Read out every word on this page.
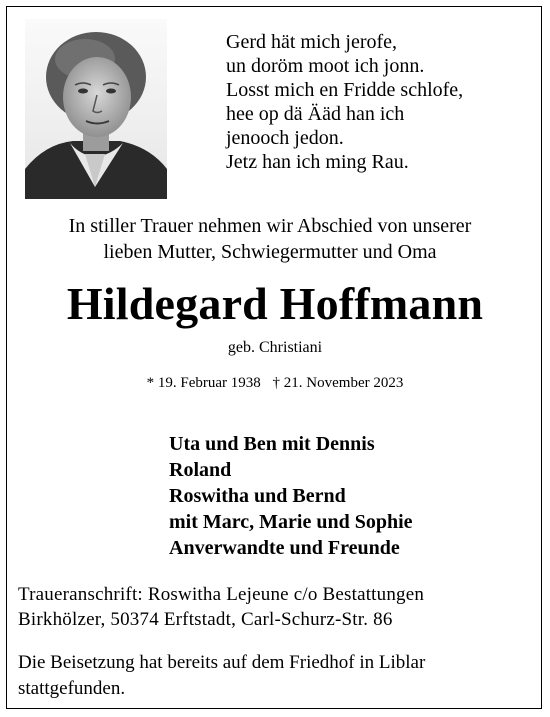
Gerd hät mich jerofe,
un doröm moot ich jonn.
Losst mich en Fridde schlofe,
hee op dä Ääd han ich
jenooch jedon.
Jetz han ich ming Rau.
In stiller Trauer nehmen wir Abschied von unserer
lieben Mutter, Schwiegermutter und Oma
Hildegard Hoffmann
geb. Christiani
* 19. Februar 1938 † 21. November 2023
Uta und Ben mit Dennis
Roland
Roswitha und Bernd
mit Marc, Marie und Sophie
Anverwandte und Freunde
Traueranschrift: Roswitha Lejeune c/o Bestattungen
Birkhölzer, 50374 Erftstadt, Carl-Schurz-Str. 86
Die Beisetzung hat bereits auf dem Friedhof in Liblar
stattgefunden.
